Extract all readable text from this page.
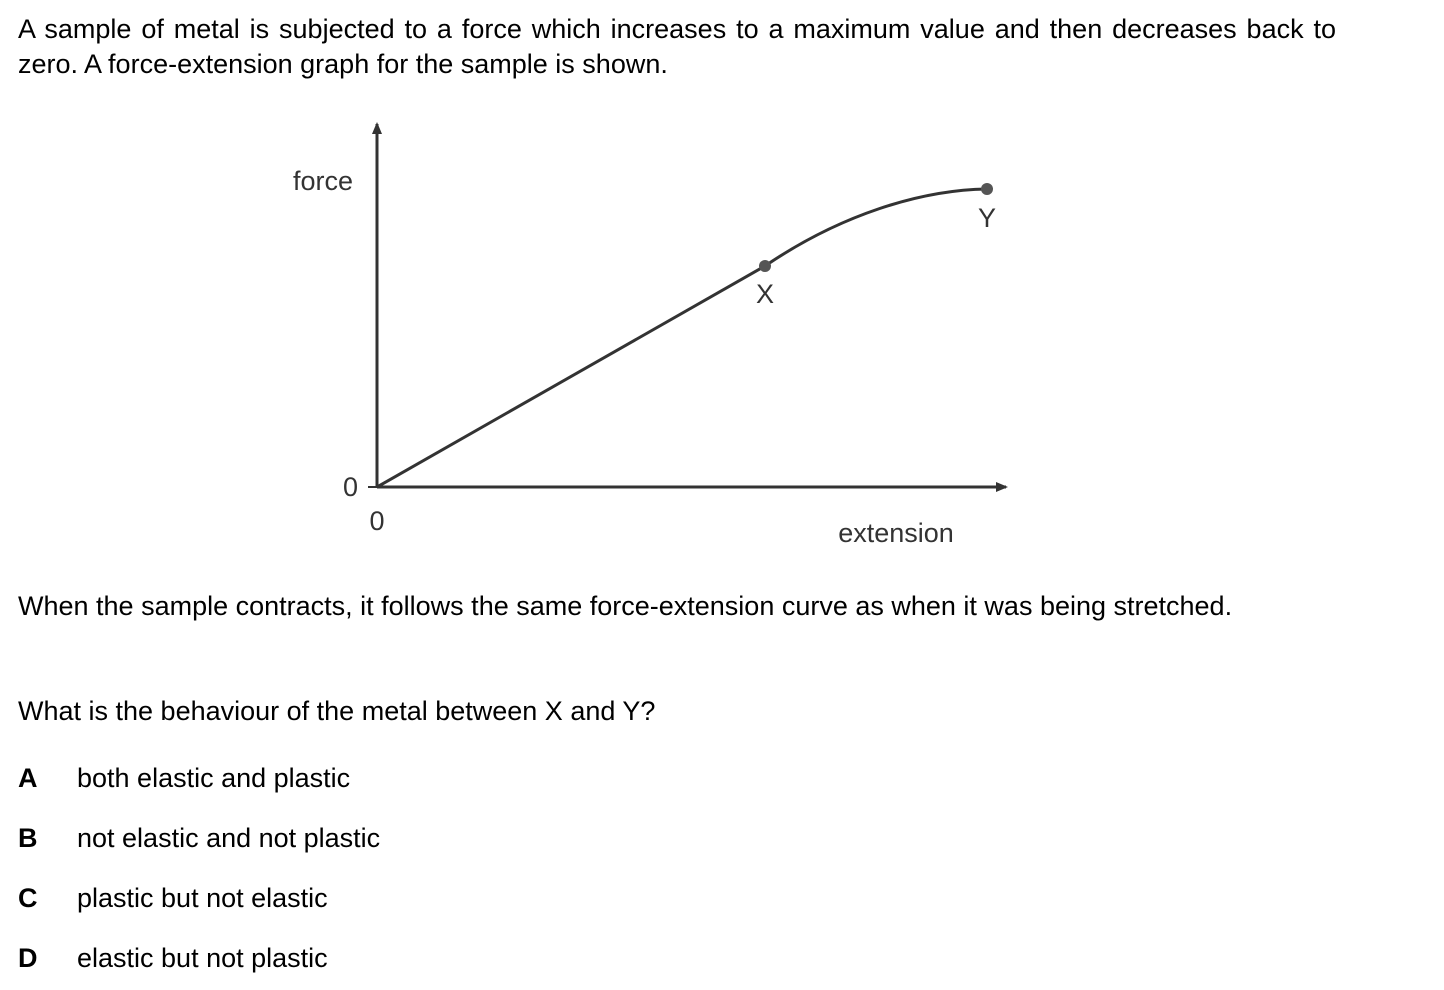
A sample of metal is subjected to a force which increases to a maximum value and then decreases back to zero. A force-extension graph for the sample is shown.

X
Y
force
extension
0
0

When the sample contracts, it follows the same force-extension curve as when it was being stretched.

What is the behaviour of the metal between X and Y?

A both elastic and plastic
B not elastic and not plastic
C plastic but not elastic
D elastic but not plastic
